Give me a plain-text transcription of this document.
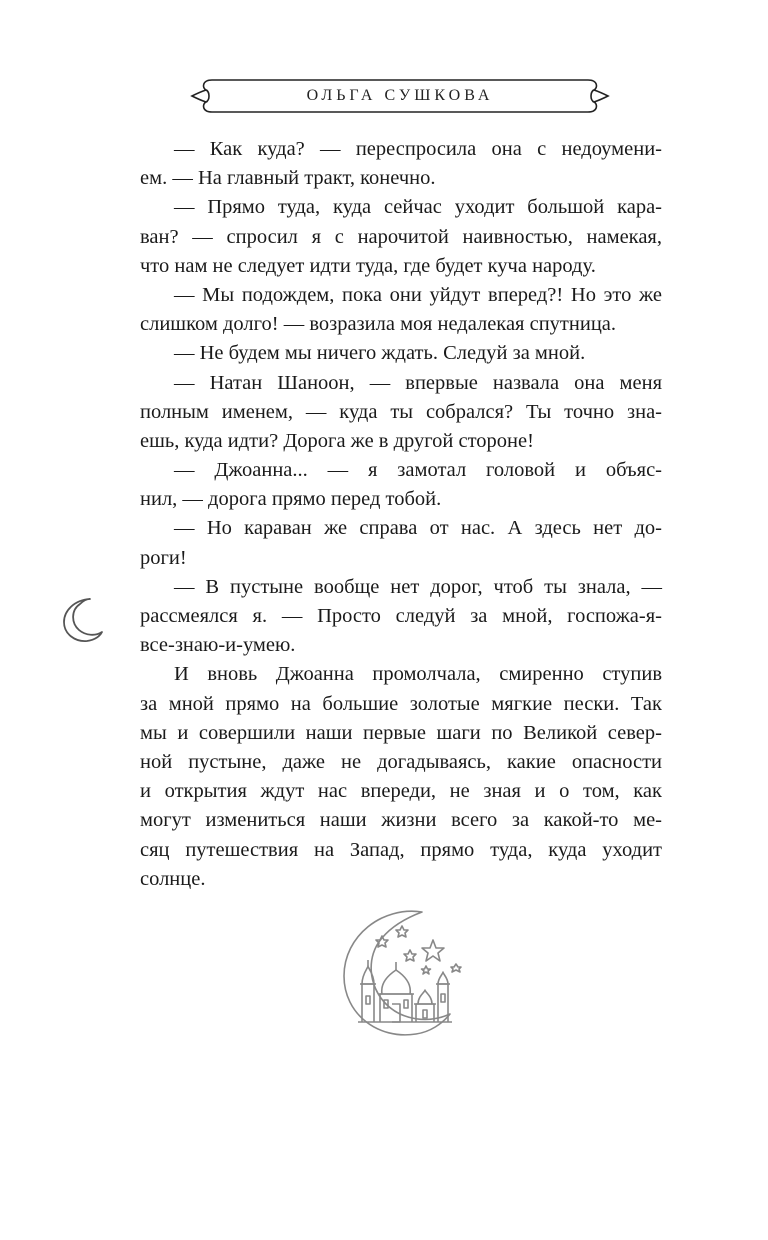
ОЛЬГА СУШКОВА
— Как куда? — переспросила она с недоумени-
ем. — На главный тракт, конечно.
— Прямо туда, куда сейчас уходит большой кара-
ван? — спросил я с нарочитой наивностью, намекая,
что нам не следует идти туда, где будет куча народу.
— Мы подождем, пока они уйдут вперед?! Но это же
слишком долго! — возразила моя недалекая спутница.
— Не будем мы ничего ждать. Следуй за мной.
— Натан Шаноон, — впервые назвала она меня
полным именем, — куда ты собрался? Ты точно зна-
ешь, куда идти? Дорога же в другой стороне!
— Джоанна... — я замотал головой и объяс-
нил, — дорога прямо перед тобой.
— Но караван же справа от нас. А здесь нет до-
роги!
— В пустыне вообще нет дорог, чтоб ты знала, —
рассмеялся я. — Просто следуй за мной, госпожа-я-
все-знаю-и-умею.
И вновь Джоанна промолчала, смиренно ступив
за мной прямо на большие золотые мягкие пески. Так
мы и совершили наши первые шаги по Великой север-
ной пустыне, даже не догадываясь, какие опасности
и открытия ждут нас впереди, не зная и о том, как
могут измениться наши жизни всего за какой-то ме-
сяц путешествия на Запад, прямо туда, куда уходит
солнце.
